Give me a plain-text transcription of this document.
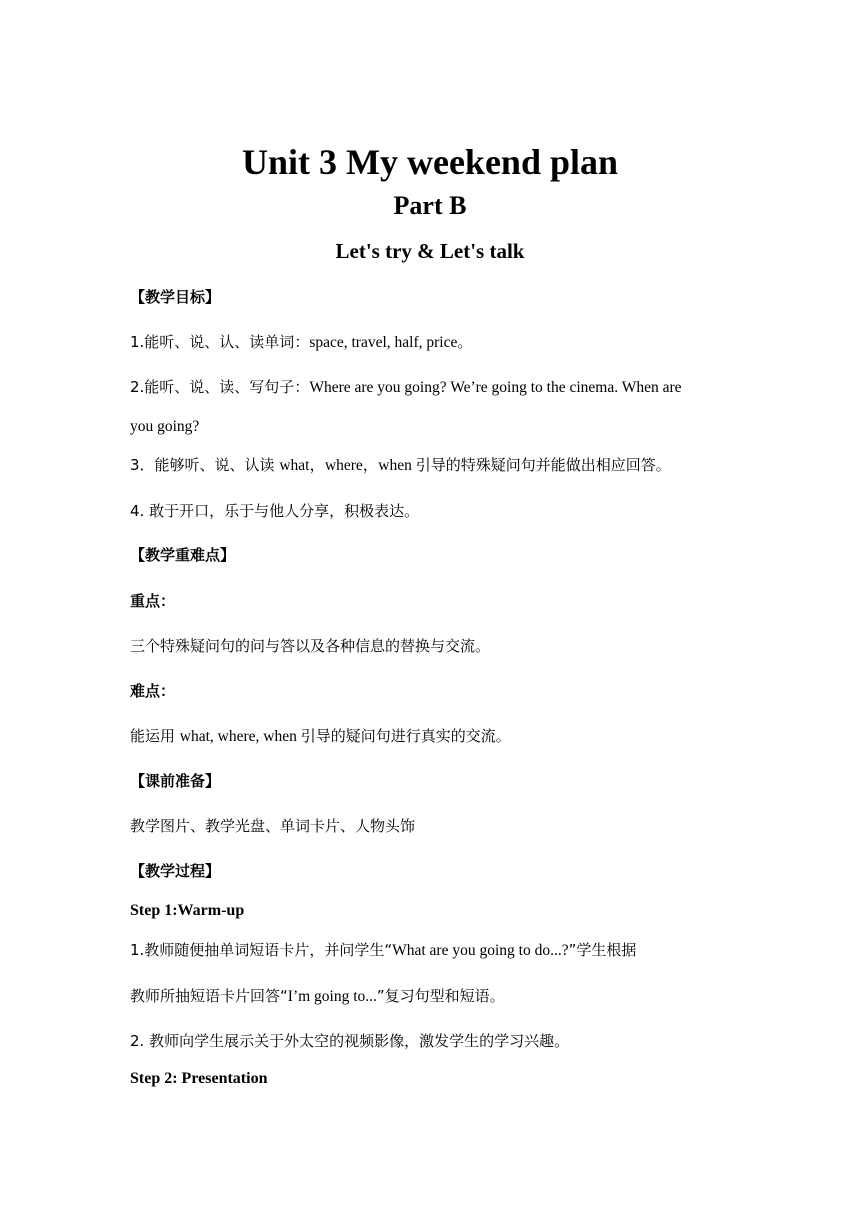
Unit 3 My weekend plan
Part B
Let's try & Let's talk
【教学目标】
1.能听、说、认、读单词：space, travel, half, price。
2.能听、说、读、写句子：Where are you going? We’re going to the cinema. When are
you going?
3．能够听、说、认读 what，where，when 引导的特殊疑问句并能做出相应回答。
4. 敢于开口，乐于与他人分享，积极表达。
【教学重难点】
重点：
三个特殊疑问句的问与答以及各种信息的替换与交流。
难点：
能运用 what, where, when 引导的疑问句进行真实的交流。
【课前准备】
教学图片、教学光盘、单词卡片、人物头饰
【教学过程】
Step 1:Warm-up
1.教师随便抽单词短语卡片，并问学生“What are you going to do...?”学生根据
教师所抽短语卡片回答“I’m going to...”复习句型和短语。
2. 教师向学生展示关于外太空的视频影像，激发学生的学习兴趣。
Step 2: Presentation
